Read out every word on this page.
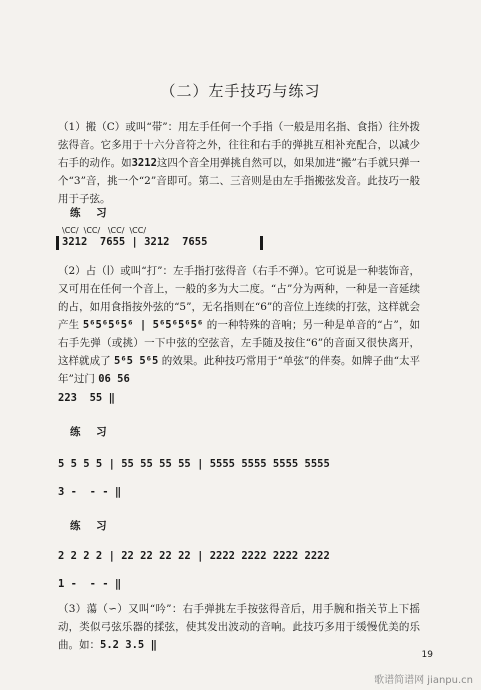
（二）左手技巧与练习
（1）搬（C）或叫“带”：用左手任何一个手指（一般是用名指、食指）往外拨弦得音。它多用于十六分音符之外，往往和右手的弹挑互相补充配合，以减少右手的动作。如3212这四个音全用弹挑自然可以，如果加进“搬”右手就只弹一个“3”音，挑一个“2”音即可。第二、三音则是由左手指搬弦发音。此技巧一般用于子弦。
练 习
\CC/  \CC/   \CC/  \CC/
3212  7655 | 3212  7655
（2）占（∣）或叫“打”：左手指打弦得音（右手不弹）。它可说是一种装饰音，又可用在任何一个音上，一般的多为大二度。“占”分为两种，一种是一音延续的占，如用食指按外弦的“5”，无名指则在“6”的音位上连续的打弦，这样就会产生 5⁶5⁶5⁶5⁶ | 5⁶5⁶5⁶5⁶ 的一种特殊的音响；另一种是单音的“占”，如右手先弹（或挑）一下中弦的空弦音，左手随及按住“6”的音面又很快离开，这样就成了 5⁶5 5⁶5 的效果。此种技巧常用于“单弦”的伴奏。如牌子曲“太平年”过门 06 56
223  55 ‖
练 习
5 5 5 5 | 55 55 55 55 | 5555 5555 5555 5555
3 -  - - ‖
练 习
2 2 2 2 | 22 22 22 22 | 2222 2222 2222 2222
1 -  - - ‖
（3）蕩（∽）又叫“吟”：右手弹挑左手按弦得音后，用手腕和指关节上下摇动，类似弓弦乐器的揉弦，使其发出波动的音响。此技巧多用于缓慢优美的乐曲。如：5.2 3.5 ‖
19
歌谱简谱网 jianpu.cn
